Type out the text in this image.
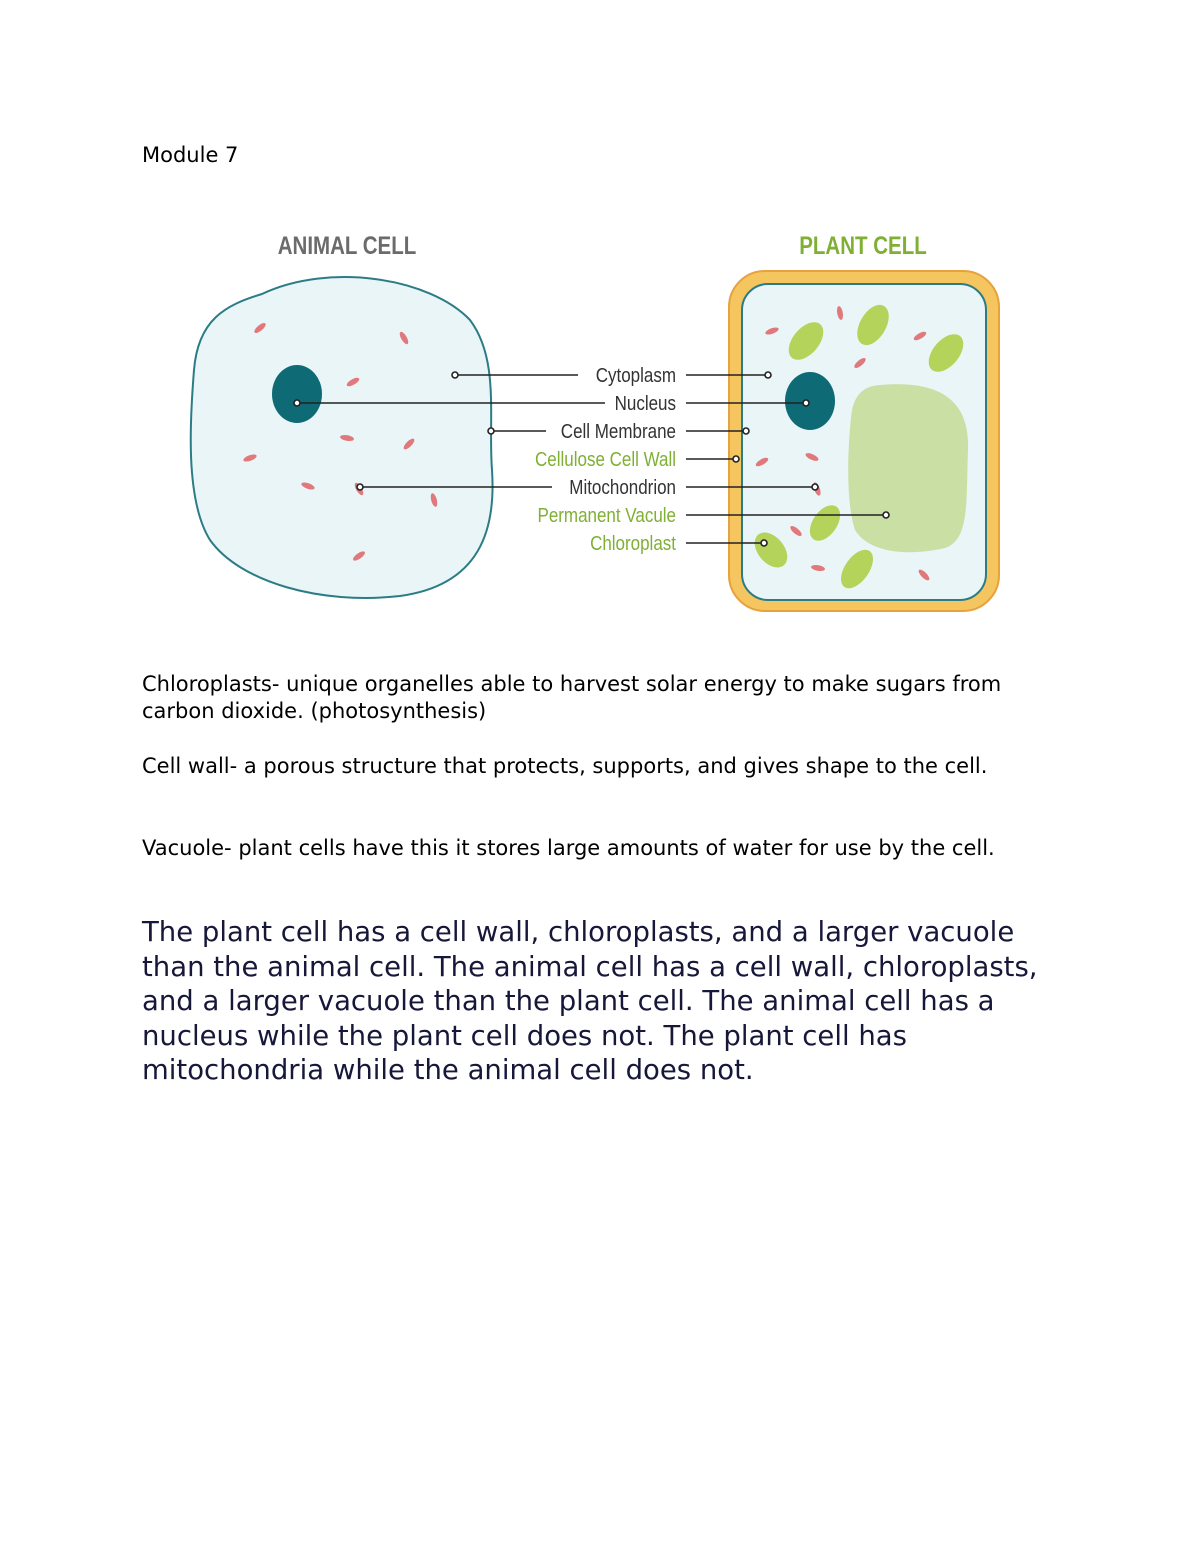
Module 7

ANIMAL CELL	PLANT CELL
Cytoplasm
Nucleus
Cell Membrane
Cellulose Cell Wall
Mitochondrion
Permanent Vacule
Chloroplast

Chloroplasts- unique organelles able to harvest solar energy to make sugars from carbon dioxide. (photosynthesis)

Cell wall- a porous structure that protects, supports, and gives shape to the cell.

Vacuole- plant cells have this it stores large amounts of water for use by the cell.

The plant cell has a cell wall, chloroplasts, and a larger vacuole than the animal cell. The animal cell has a cell wall, chloroplasts, and a larger vacuole than the plant cell. The animal cell has a nucleus while the plant cell does not. The plant cell has mitochondria while the animal cell does not.
